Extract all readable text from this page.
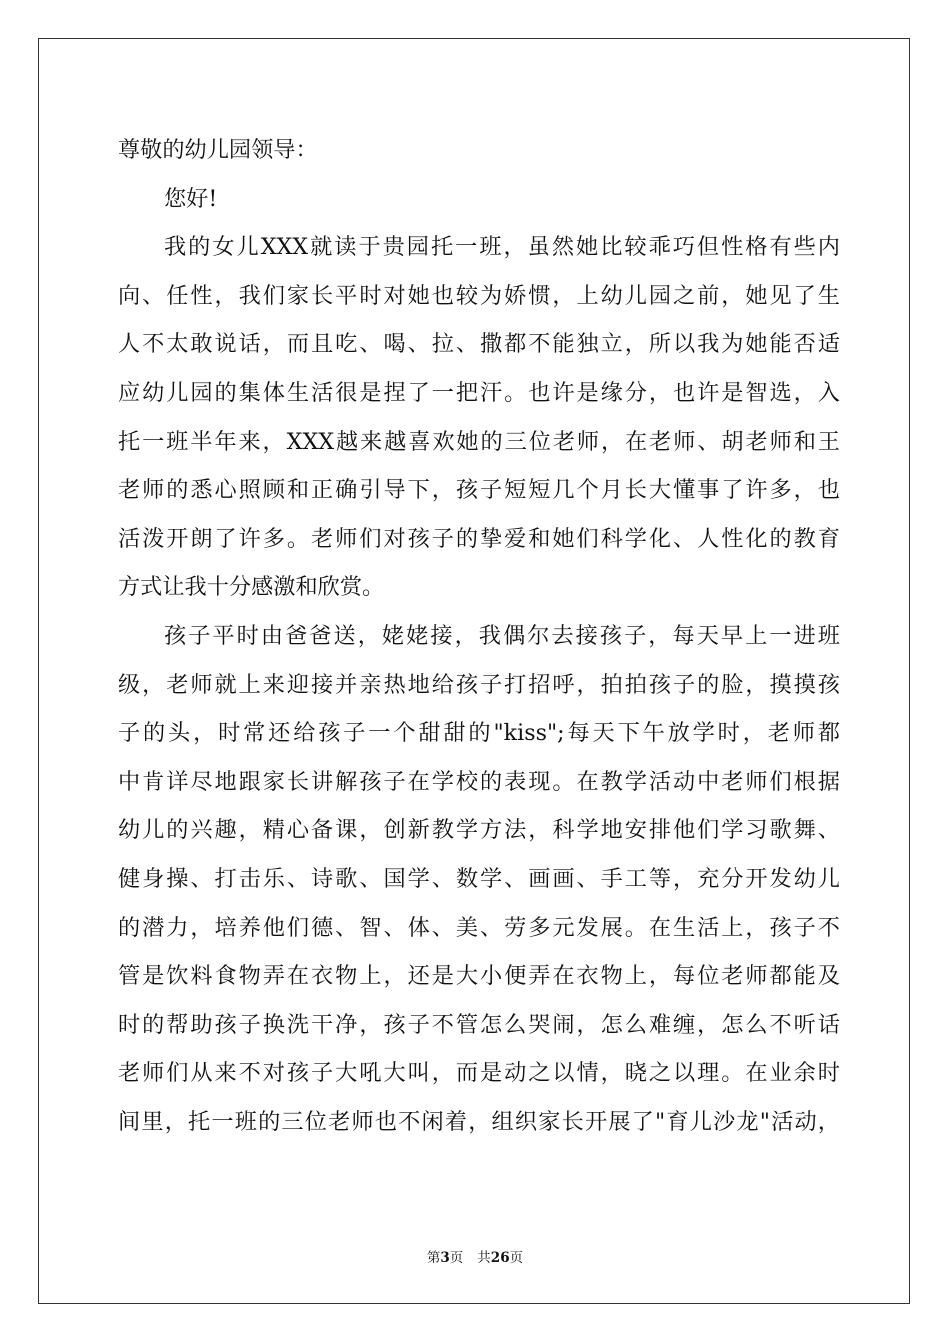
尊敬的幼儿园领导：
您好!
我的女儿XXX就读于贵园托一班，虽然她比较乖巧但性格有些内
向、任性，我们家长平时对她也较为娇惯，上幼儿园之前，她见了生
人不太敢说话，而且吃、喝、拉、撒都不能独立，所以我为她能否适
应幼儿园的集体生活很是捏了一把汗。也许是缘分，也许是智选，入
托一班半年来，XXX越来越喜欢她的三位老师，在老师、胡老师和王
老师的悉心照顾和正确引导下，孩子短短几个月长大懂事了许多，也
活泼开朗了许多。老师们对孩子的挚爱和她们科学化、人性化的教育
方式让我十分感激和欣赏。
孩子平时由爸爸送，姥姥接，我偶尔去接孩子，每天早上一进班
级，老师就上来迎接并亲热地给孩子打招呼，拍拍孩子的脸，摸摸孩
子的头，时常还给孩子一个甜甜的"kiss";每天下午放学时，老师都
中肯详尽地跟家长讲解孩子在学校的表现。在教学活动中老师们根据
幼儿的兴趣，精心备课，创新教学方法，科学地安排他们学习歌舞、
健身操、打击乐、诗歌、国学、数学、画画、手工等，充分开发幼儿
的潜力，培养他们德、智、体、美、劳多元发展。在生活上，孩子不
管是饮料食物弄在衣物上，还是大小便弄在衣物上，每位老师都能及
时的帮助孩子换洗干净，孩子不管怎么哭闹，怎么难缠，怎么不听话
老师们从来不对孩子大吼大叫，而是动之以情，晓之以理。在业余时
间里，托一班的三位老师也不闲着，组织家长开展了"育儿沙龙"活动，
第3页 共26页
